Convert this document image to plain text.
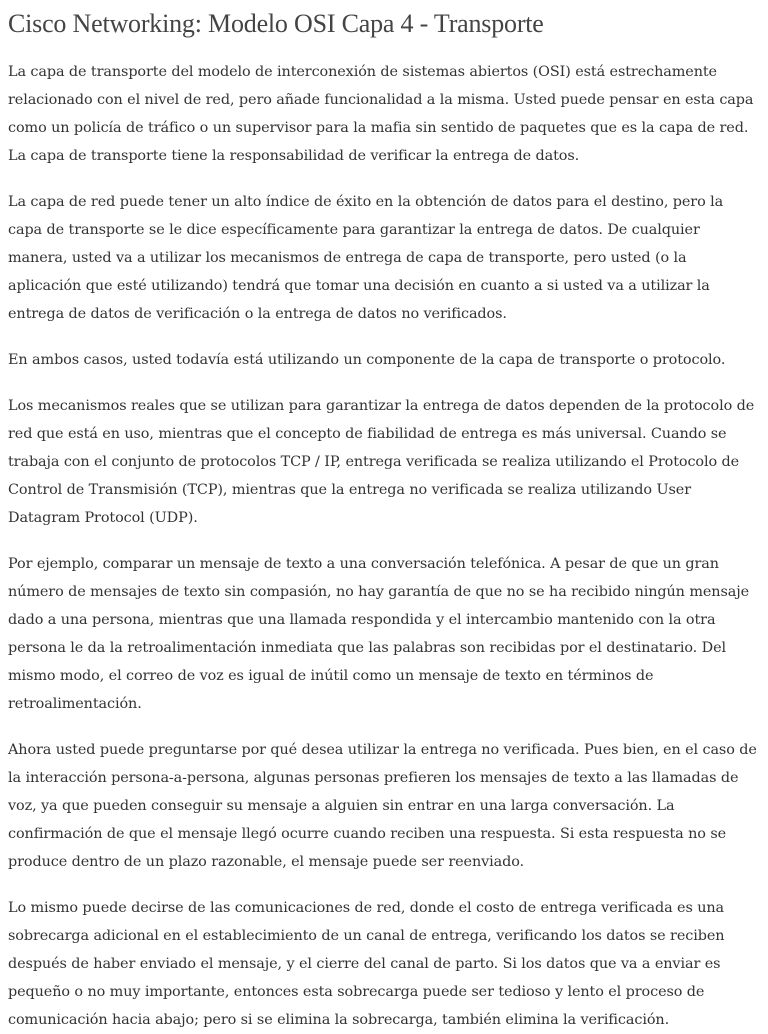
Cisco Networking: Modelo OSI Capa 4 - Transporte

La capa de transporte del modelo de interconexión de sistemas abiertos (OSI) está estrechamente relacionado con el nivel de red, pero añade funcionalidad a la misma. Usted puede pensar en esta capa como un policía de tráfico o un supervisor para la mafia sin sentido de paquetes que es la capa de red. La capa de transporte tiene la responsabilidad de verificar la entrega de datos.

La capa de red puede tener un alto índice de éxito en la obtención de datos para el destino, pero la capa de transporte se le dice específicamente para garantizar la entrega de datos. De cualquier manera, usted va a utilizar los mecanismos de entrega de capa de transporte, pero usted (o la aplicación que esté utilizando) tendrá que tomar una decisión en cuanto a si usted va a utilizar la entrega de datos de verificación o la entrega de datos no verificados.

En ambos casos, usted todavía está utilizando un componente de la capa de transporte o protocolo.

Los mecanismos reales que se utilizan para garantizar la entrega de datos dependen de la protocolo de red que está en uso, mientras que el concepto de fiabilidad de entrega es más universal. Cuando se trabaja con el conjunto de protocolos TCP / IP, entrega verificada se realiza utilizando el Protocolo de Control de Transmisión (TCP), mientras que la entrega no verificada se realiza utilizando User Datagram Protocol (UDP).

Por ejemplo, comparar un mensaje de texto a una conversación telefónica. A pesar de que un gran número de mensajes de texto sin compasión, no hay garantía de que no se ha recibido ningún mensaje dado a una persona, mientras que una llamada respondida y el intercambio mantenido con la otra persona le da la retroalimentación inmediata que las palabras son recibidas por el destinatario. Del mismo modo, el correo de voz es igual de inútil como un mensaje de texto en términos de retroalimentación.

Ahora usted puede preguntarse por qué desea utilizar la entrega no verificada. Pues bien, en el caso de la interacción persona-a-persona, algunas personas prefieren los mensajes de texto a las llamadas de voz, ya que pueden conseguir su mensaje a alguien sin entrar en una larga conversación. La confirmación de que el mensaje llegó ocurre cuando reciben una respuesta. Si esta respuesta no se produce dentro de un plazo razonable, el mensaje puede ser reenviado.

Lo mismo puede decirse de las comunicaciones de red, donde el costo de entrega verificada es una sobrecarga adicional en el establecimiento de un canal de entrega, verificando los datos se reciben después de haber enviado el mensaje, y el cierre del canal de parto. Si los datos que va a enviar es pequeño o no muy importante, entonces esta sobrecarga puede ser tedioso y lento el proceso de comunicación hacia abajo; pero si se elimina la sobrecarga, también elimina la verificación.
